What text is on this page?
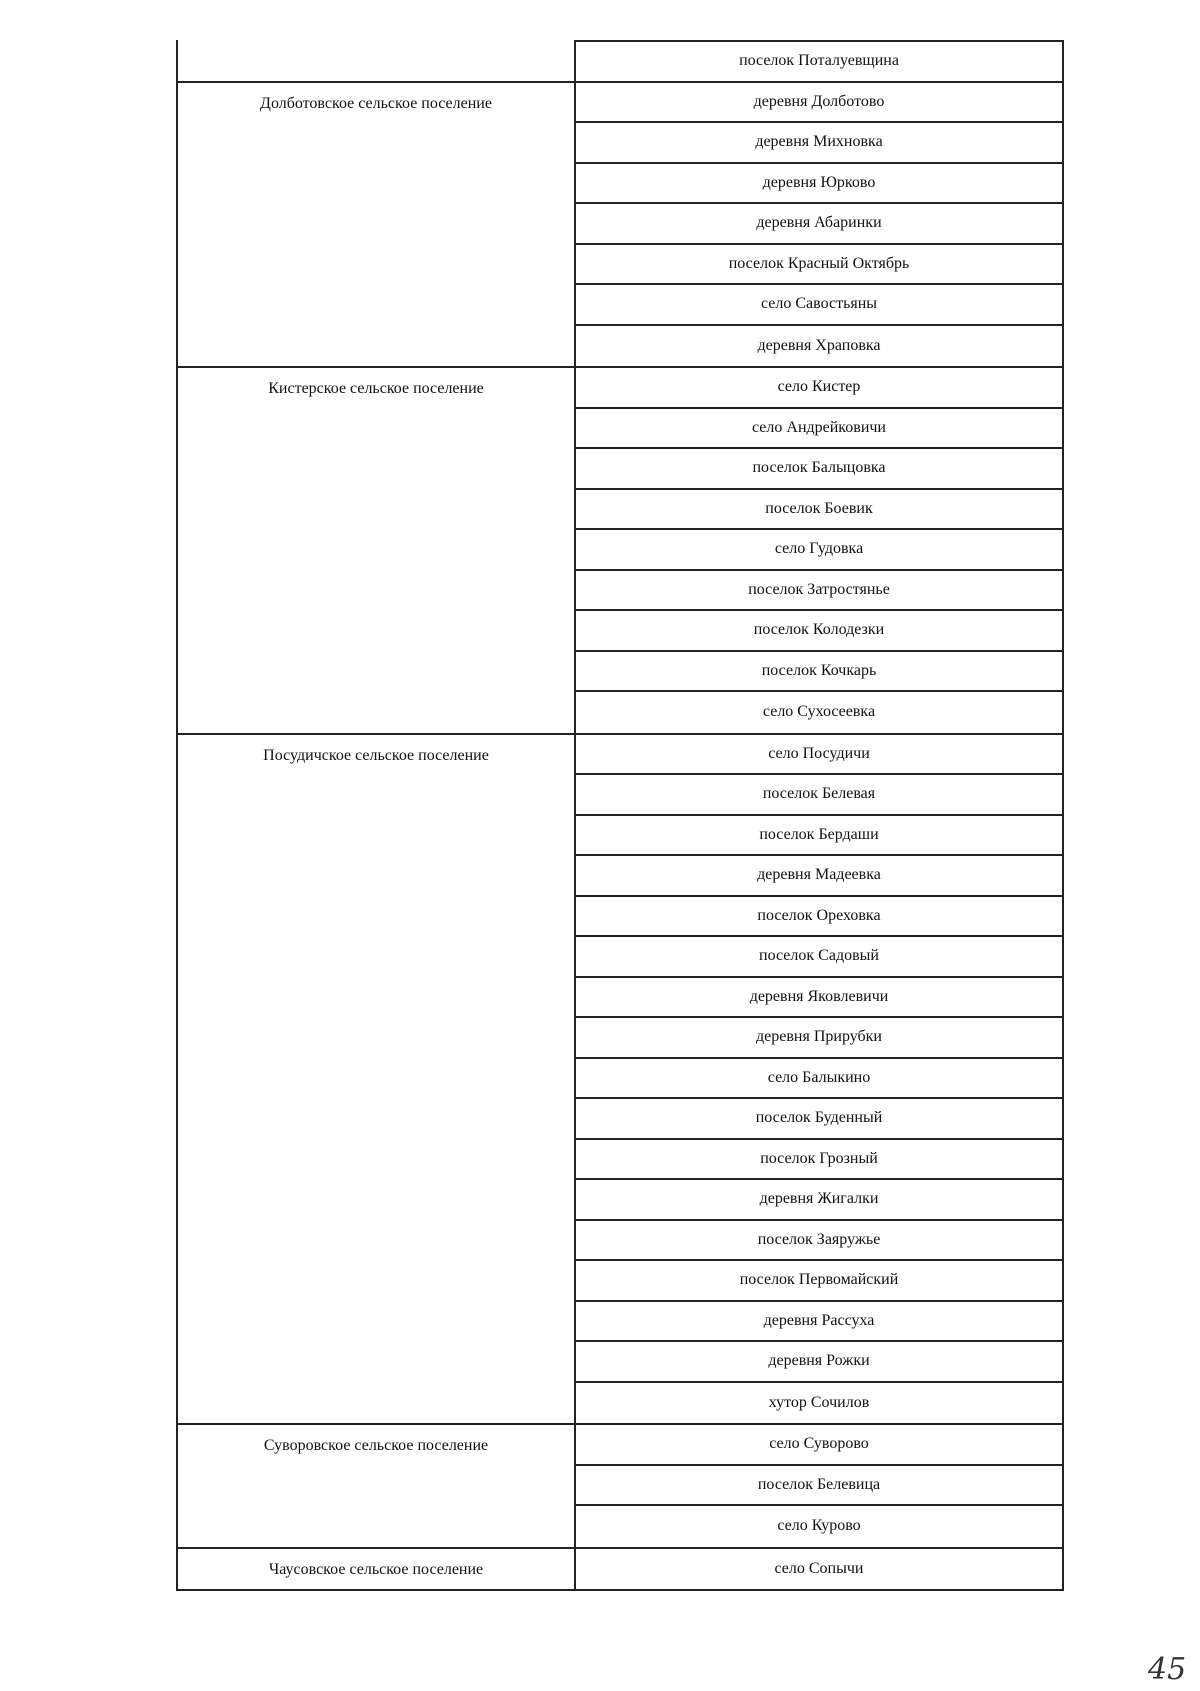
поселок Поталуевщина
Долботовское сельское поселение	деревня Долботово
деревня Михновка
деревня Юрково
деревня Абаринки
поселок Красный Октябрь
село Савостьяны
деревня Храповка
Кистерское сельское поселение	село Кистер
село Андрейковичи
поселок Балыцовка
поселок Боевик
село Гудовка
поселок Затростянье
поселок Колодезки
поселок Кочкарь
село Сухосеевка
Посудичское сельское поселение	село Посудичи
поселок Белевая
поселок Бердаши
деревня Мадеевка
поселок Ореховка
поселок Садовый
деревня Яковлевичи
деревня Прирубки
село Балыкино
поселок Буденный
поселок Грозный
деревня Жигалки
поселок Заяружье
поселок Первомайский
деревня Рассуха
деревня Рожки
хутор Сочилов
Суворовское сельское поселение	село Суворово
поселок Белевица
село Курово
Чаусовское сельское поселение	село Сопычи
45
